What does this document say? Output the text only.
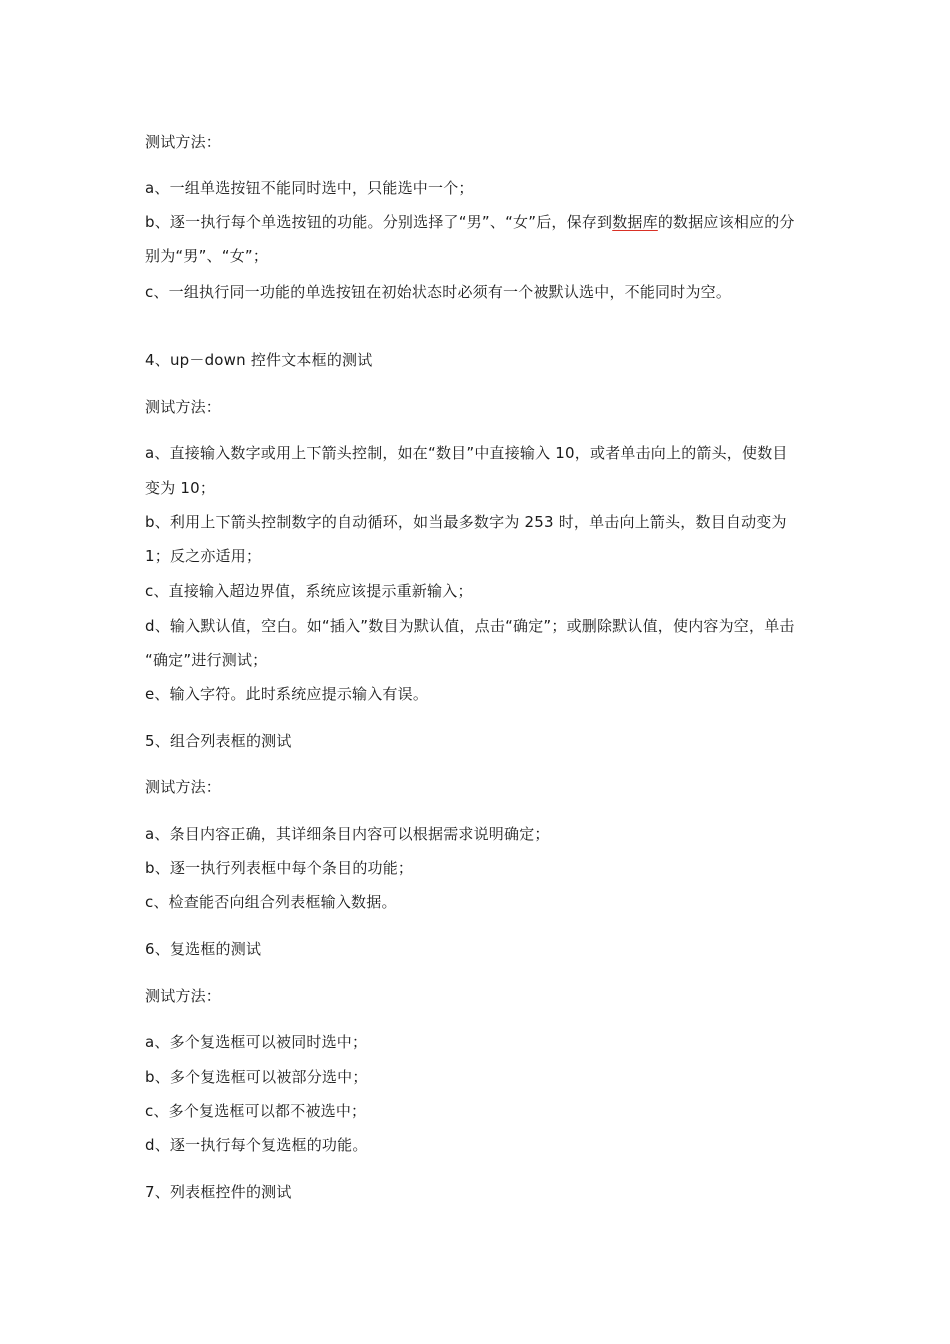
测试方法：
a、一组单选按钮不能同时选中，只能选中一个；
b、逐一执行每个单选按钮的功能。分别选择了“男”、“女”后，保存到数据库的数据应该相应的分
别为“男”、“女”；
c、一组执行同一功能的单选按钮在初始状态时必须有一个被默认选中，不能同时为空。
4、up－down 控件文本框的测试
测试方法：
a、直接输入数字或用上下箭头控制，如在“数目”中直接输入 10，或者单击向上的箭头，使数目
变为 10；
b、利用上下箭头控制数字的自动循环，如当最多数字为 253 时，单击向上箭头，数目自动变为
1；反之亦适用；
c、直接输入超边界值，系统应该提示重新输入；
d、输入默认值，空白。如“插入”数目为默认值，点击“确定”；或删除默认值，使内容为空，单击
“确定”进行测试；
e、输入字符。此时系统应提示输入有误。
5、组合列表框的测试
测试方法：
a、条目内容正确，其详细条目内容可以根据需求说明确定；
b、逐一执行列表框中每个条目的功能；
c、检查能否向组合列表框输入数据。
6、复选框的测试
测试方法：
a、多个复选框可以被同时选中；
b、多个复选框可以被部分选中；
c、多个复选框可以都不被选中；
d、逐一执行每个复选框的功能。
7、列表框控件的测试
